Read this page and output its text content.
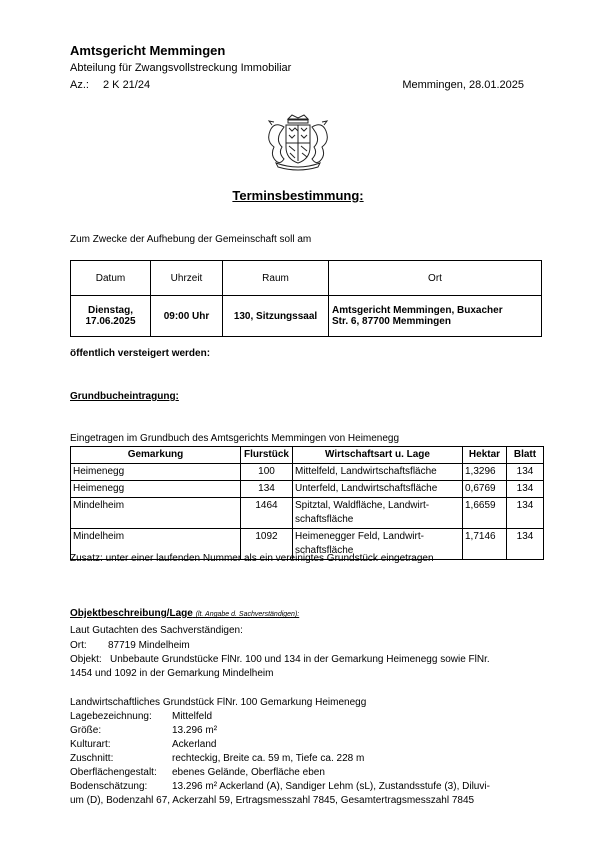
Amtsgericht Memmingen
Abteilung für Zwangsvollstreckung Immobiliar
Az.: 2 K 21/24	Memmingen, 28.01.2025
Terminsbestimmung:
Zum Zwecke der Aufhebung der Gemeinschaft soll am
Datum	Uhrzeit	Raum	Ort
Dienstag,
17.06.2025	09:00 Uhr	130, Sitzungssaal	Amtsgericht Memmingen, Buxacher
Str. 6, 87700 Memmingen
öffentlich versteigert werden:
Grundbucheintragung:
Eingetragen im Grundbuch des Amtsgerichts Memmingen von Heimenegg
Gemarkung	Flurstück	Wirtschaftsart u. Lage	Hektar	Blatt
Heimenegg	100	Mittelfeld, Landwirtschaftsfläche	1,3296	134
Heimenegg	134	Unterfeld, Landwirtschaftsfläche	0,6769	134
Mindelheim	1464	Spitztal, Waldfläche, Landwirt-
schaftsfläche	1,6659	134
Mindelheim	1092	Heimenegger Feld, Landwirt-
schaftsfläche	1,7146	134
Zusatz: unter einer laufenden Nummer als ein vereinigtes Grundstück eingetragen
Objektbeschreibung/Lage (lt. Angabe d. Sachverständigen):
Laut Gutachten des Sachverständigen:
Ort: 87719 Mindelheim
Objekt: Unbebaute Grundstücke FlNr. 100 und 134 in der Gemarkung Heimenegg sowie FlNr.
1454 und 1092 in der Gemarkung Mindelheim
Landwirtschaftliches Grundstück FlNr. 100 Gemarkung Heimenegg
Lagebezeichnung: Mittelfeld
Größe:	13.296 m²
Kulturart:	Ackerland
Zuschnitt:	rechteckig, Breite ca. 59 m, Tiefe ca. 228 m
Oberflächengestalt: ebenes Gelände, Oberfläche eben
Bodenschätzung: 13.296 m² Ackerland (A), Sandiger Lehm (sL), Zustandsstufe (3), Diluvi-
um (D), Bodenzahl 67, Ackerzahl 59, Ertragsmesszahl 7845, Gesamtertragsmesszahl 7845
